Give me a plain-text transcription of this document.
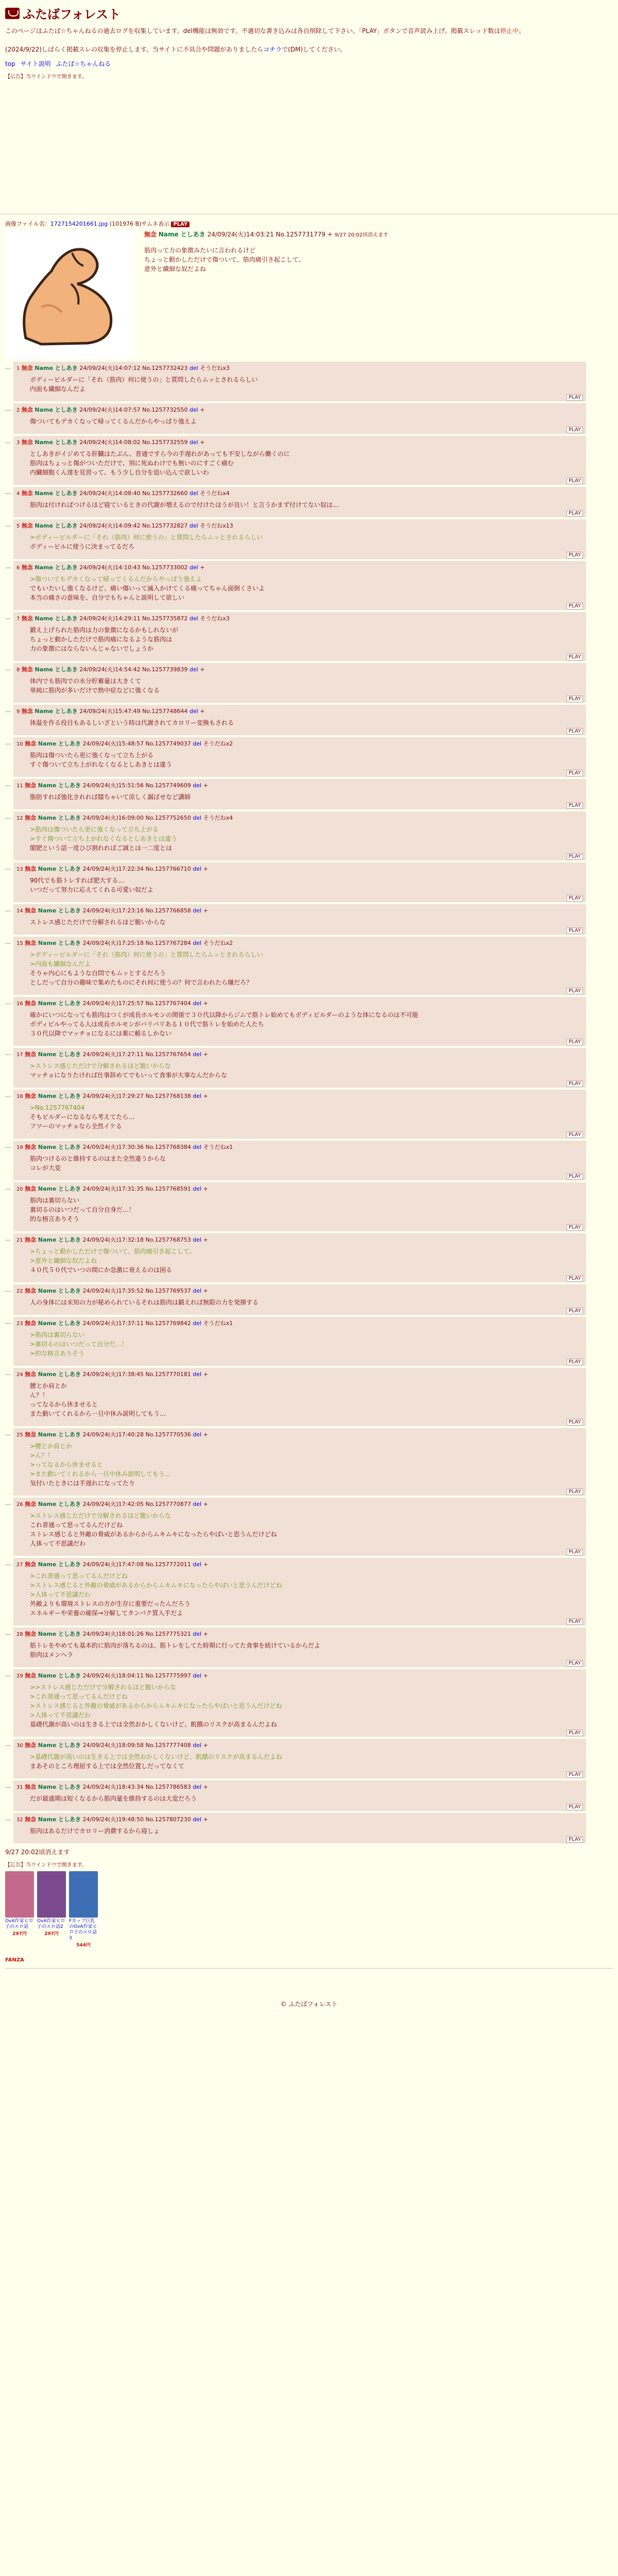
ふたばフォレスト
このページはふたば☆ちゃんねるの過去ログを収集しています。del機能は無効です。不適切な書き込みは各自削除して下さい。「PLAY」ボタンで音声読み上げ。掲載スレッド数は停止中。

(2024/9/22)しばらく掲載スレの収集を停止します。当サイトに不具合や問題がありましたらコチラで(DM)してください。
top サイト説明 ふたば☆ちゃんねる
【広告】当ウインドウで開きます。
画像ファイル名：1727154201661.jpg (101976 B)サムネ表示 PLAY
無念 Name としあき 24/09/24(火)14:03:21 No.1257731779 + 9/27 20:02頃消えます
筋肉って力の象徴みたいに言われるけど
ちょっと動かしただけで傷ついて、筋肉痛引き起こして、
意外と繊細な奴だよね
…	1 無念 Name としあき 24/09/24(火)14:07:12 No.1257732423 del そうだねx3
ボディービルダーに「それ（筋肉）何に使うの」と質問したらムッとされるらしい
内面も繊細なんだよ
PLAY
…	2 無念 Name としあき 24/09/24(火)14:07:57 No.1257732550 del +
傷ついてもデカくなって帰ってくるんだからやっぱり強えよ
PLAY
…	3 無念 Name としあき 24/09/24(火)14:08:02 No.1257732559 del +
としあきがイジめてる肝臓はたぶん、普通ですら今の手遅れがあっても不安しながら働くのに
筋肉はちょっと傷がついただけで、別に死ぬわけでも無いのにすごく痛む
内臓細胞くん達を見習って、もう少し自分を追い込んで欲しいわ
PLAY
…	4 無念 Name としあき 24/09/24(火)14:08:40 No.1257732660 del そうだねx4
筋肉は付ければつけるほど寝ているときの代謝が増えるので付けたほうが良い！と言うかまず付けてない奴は…
PLAY
…	5 無念 Name としあき 24/09/24(火)14:09:42 No.1257732827 del そうだねx13
>ボディービルダーに「それ（筋肉）何に使うの」と質問したらムッとされるらしい
ボディービルに使うに決まってるだろ
PLAY
…	6 無念 Name としあき 24/09/24(火)14:10:43 No.1257733002 del +
>傷ついてもデカくなって帰ってくるんだからやっぱり強えよ
でもいたいし強くなるけど、痛い傷いって滅入かけてくる痛ってちゃん面倒くさいよ
本当の痛さの意味を、自分でもちゃんと説明して欲しい
PLAY
…	7 無念 Name としあき 24/09/24(火)14:29:11 No.1257735872 del そうだねx3
鍛え上げられた筋肉は力の象徴になるかもしれないが
ちょっと動かしただけで筋肉痛になるような筋肉は
力の象徴にはならないんじゃないでしょうか
PLAY
…	8 無念 Name としあき 24/09/24(火)14:54:42 No.1257739839 del +
体内でも筋肉での水分貯蓄量は大きくて
単純に筋肉が多いだけで熱中症などに強くなる
PLAY
…	9 無念 Name としあき 24/09/24(火)15:47:49 No.1257748644 del +
体温を作る役目もあるしいざという時は代謝されてカロリー変換もされる
PLAY
…	10 無念 Name としあき 24/09/24(火)15:48:57 No.1257749037 del そうだねx2
筋肉は傷ついたら更に強くなって立ち上がる
すぐ傷ついて立ち上がれなくなるとしあきとは違う
PLAY
…	11 無念 Name としあき 24/09/24(火)15:51:56 No.1257749609 del +
脂肪すれば強化されれば膝ちゃいて涼しく漏ぼせなど講師
PLAY
…	12 無念 Name としあき 24/09/24(火)16:09:00 No.1257752650 del そうだねx4
>筋肉は傷ついたら更に強くなって立ち上がる
>すぐ傷ついて立ち上がれなくなるとしあきとは違う
閣肥という話一度ひび割れればご誠とは一二度とは
PLAY
…	13 無念 Name としあき 24/09/24(火)17:22:34 No.1257766710 del +
90代でも筋トレすれば肥大する…
いつだって努力に応えてくれる可愛い奴だよ
PLAY
…	14 無念 Name としあき 24/09/24(火)17:23:16 No.1257766858 del +
ストレス感じただけで分解されるほど脆いからな
PLAY
…	15 無念 Name としあき 24/09/24(火)17:25:18 No.1257767284 del そうだねx2
>ボディービルダーに「それ（筋肉）何に使うの」と質問したらムッとされるらしい
>内面も繊細なんだよ
そりゃ内心にもような自問でもムッとするだろう
としだって自分の趣味で集めたものにそれ何に使うの？何で言われたら嫌だろ？
PLAY
…	16 無念 Name としあき 24/09/24(火)17:25:57 No.1257767404 del +
確かにいつになっても筋肉はつくが成長ホルモンの関係で３０代以降からジムで筋トレ始めてもボディビルダーのような体になるのは不可能
ボディビルやってる人は成長ホルモンがバリバリある１０代で筋トレを始めた人たち
３０代以降でマッチョになるには薬に頼るしかない
PLAY
…	17 無念 Name としあき 24/09/24(火)17:27:11 No.1257767654 del +
>ストレス感じただけで分解されるほど脆いからな
マッチョになりたければ仕事辞めてでもいって食事が大事なんだからな
PLAY
…	18 無念 Name としあき 24/09/24(火)17:29:27 No.1257768138 del +
>No.1257767404
そもビルダーになるなら考えてたら…
フツーのマッチョなら全然イケる
PLAY
…	19 無念 Name としあき 24/09/24(火)17:30:36 No.1257768384 del そうだねx1
筋肉つけるのと維持するのはまた全然違うからな
コレが大変
PLAY
…	20 無念 Name としあき 24/09/24(火)17:31:35 No.1257768591 del +
筋肉は裏切らない
裏切るのはいつだって自分自身だ…！
的な格言ありそう
PLAY
…	21 無念 Name としあき 24/09/24(火)17:32:18 No.1257768753 del +
>ちょっと動かしただけで傷ついて、筋肉痛引き起こして、
>意外と繊細な奴だよね
４０代５０代でいつの間にか急激に衰えるのは困る
PLAY
…	22 無念 Name としあき 24/09/24(火)17:35:52 No.1257769537 del +
人の身体には未知の力が秘められているそれは筋肉は鍛えれば無限の力を発揮する
PLAY
…	23 無念 Name としあき 24/09/24(火)17:37:11 No.1257769842 del そうだねx1
>筋肉は裏切らない
>裏切るのはいつだって自分だ…！
>的な格言ありそう
PLAY
…	24 無念 Name としあき 24/09/24(火)17:38:45 No.1257770181 del +
腰とか肩とか
ん？！
ってなるから休ませると
また動いてくれるから一旦中休み説明してもう…
PLAY
…	25 無念 Name としあき 24/09/24(火)17:40:28 No.1257770536 del +
>腰とか肩とか
>ん？！
>ってなるから休ませると
>また動いてくれるから一旦中休み説明してもう…
気付いたときには手遅れになってたり
PLAY
…	26 無念 Name としあき 24/09/24(火)17:42:05 No.1257770877 del +
>ストレス感じただけで分解されるほど脆いからな
これ普通って思ってるんだけどね
ストレス感じると外敵の脅威があるからからムキムキになったらやばいと思うんだけどね
人体って不思議だわ
PLAY
…	27 無念 Name としあき 24/09/24(火)17:47:08 No.1257772011 del +
>これ普通って思ってるんだけどね
>ストレス感じると外敵の脅威があるからからムキムキになったらやばいと思うんだけどね
>人体って不思議だわ
外敵よりも環境ストレスの方が生存に重要だったんだろう
エネルギーや栄養の確保→分解してタンパク質入手だよ
PLAY
…	28 無念 Name としあき 24/09/24(火)18:01:26 No.1257775321 del +
筋トレをやめても基本的に筋肉が落ちるのは、筋トレをしてた時期に行ってた食事を続けているからだよ
筋肉はメンヘラ
PLAY
…	29 無念 Name としあき 24/09/24(火)18:04:11 No.1257775997 del +
>>ストレス感じただけで分解されるほど脆いからな
>これ普通って思ってるんだけどね
>ストレス感じると外敵の脅威があるからからムキムキになったらやばいと思うんだけどね
>人体って不思議だわ
基礎代謝が高いのは生きる上では全然おかしくないけど、飢餓のリスクが高まるんだよね
PLAY
…	30 無念 Name としあき 24/09/24(火)18:09:58 No.1257777408 del +
>基礎代謝が高いのは生きる上では全然おかしくないけど、飢餓のリスクが高まるんだよね
まあそのところ理屈する上では全然位置しだってなくて
PLAY
…	31 無念 Name としあき 24/09/24(火)18:43:34 No.1257786583 del +
だが最盛期は短くなるから筋肉量を維持するのは大変だろう
PLAY
…	32 無念 Name としあき 24/09/24(火)19:48:50 No.1257807230 del +
筋肉はあるだけでカロリー消費するから寝しょ
PLAY
9/27 20:02頃消えます
【広告】当ウインドウで開きます。
OvA作家ヒロ子のエロ話
297円
OvA作家ヒロ子のエロ話2
297円
Fカップ巨乳のOvA作家ヒロ子のエロ話3
544円
FANZA
© ふたばフォレスト
